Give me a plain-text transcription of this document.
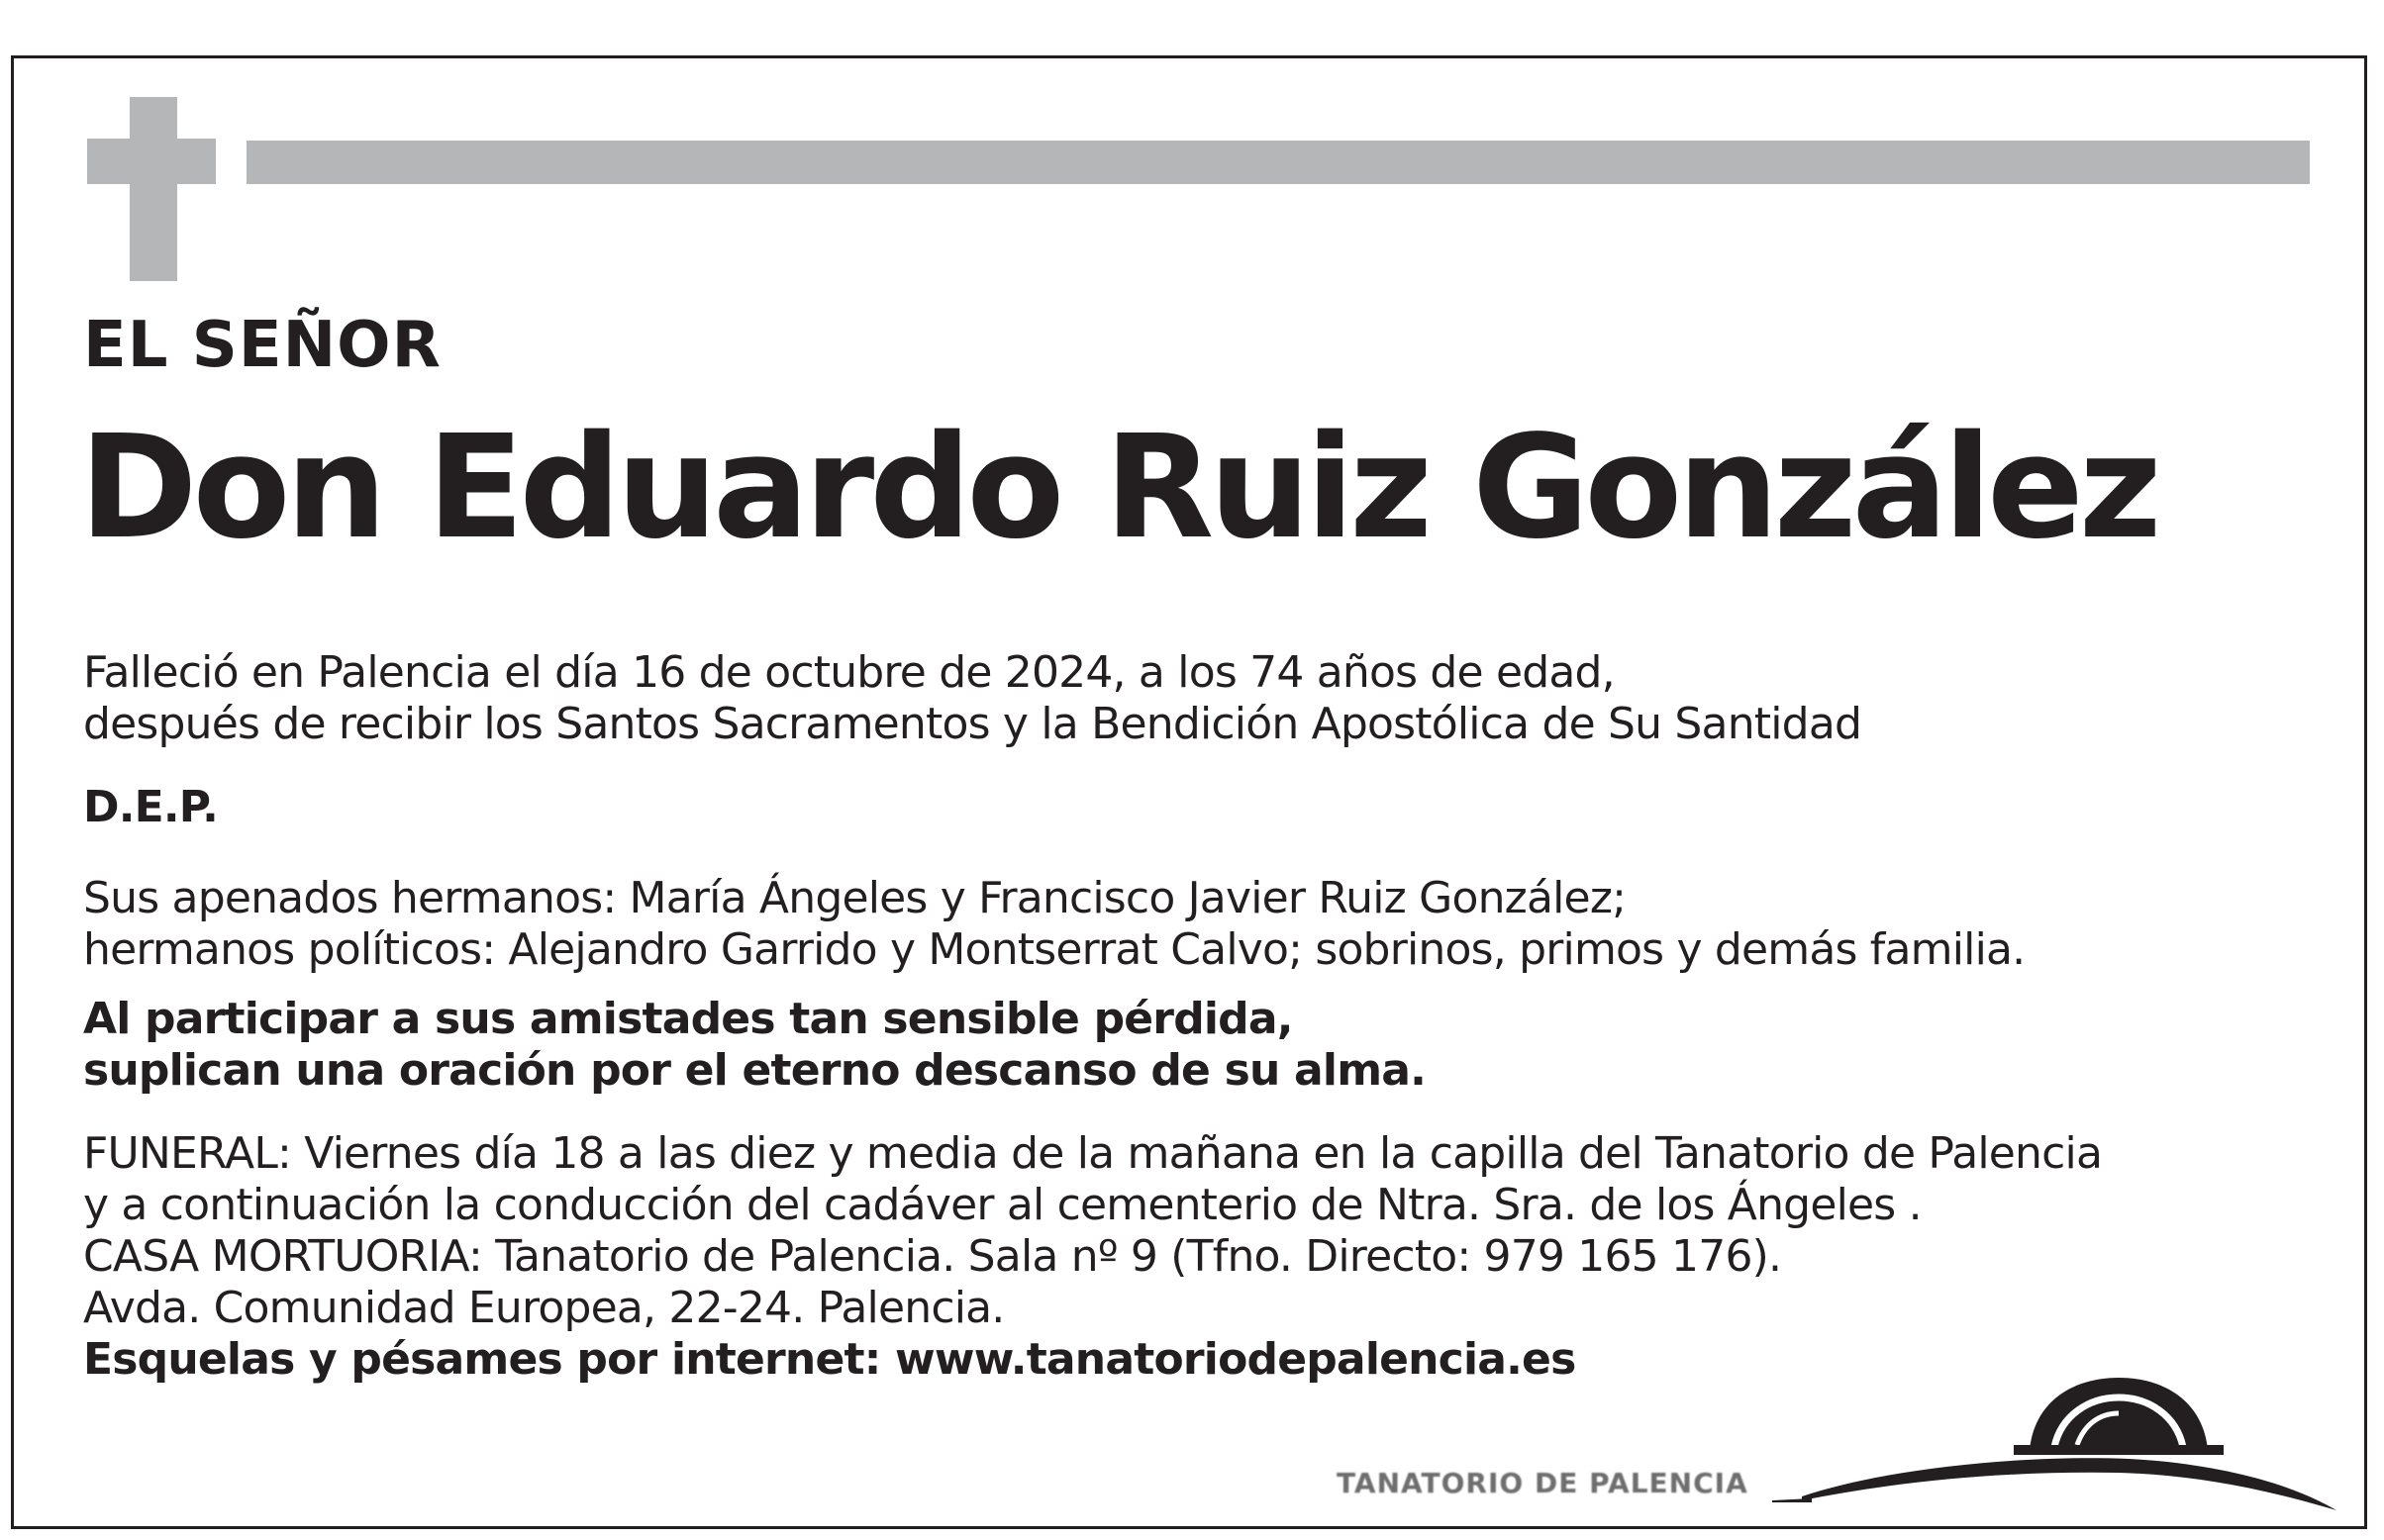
EL SEÑOR
Don Eduardo Ruiz González
Falleció en Palencia el día 16 de octubre de 2024, a los 74 años de edad,
después de recibir los Santos Sacramentos y la Bendición Apostólica de Su Santidad
D.E.P.
Sus apenados hermanos: María Ángeles y Francisco Javier Ruiz González;
hermanos políticos: Alejandro Garrido y Montserrat Calvo; sobrinos, primos y demás familia.
Al participar a sus amistades tan sensible pérdida,
suplican una oración por el eterno descanso de su alma.
FUNERAL: Viernes día 18 a las diez y media de la mañana en la capilla del Tanatorio de Palencia
y a continuación la conducción del cadáver al cementerio de Ntra. Sra. de los Ángeles .
CASA MORTUORIA: Tanatorio de Palencia. Sala nº 9 (Tfno. Directo: 979 165 176).
Avda. Comunidad Europea, 22-24. Palencia.
Esquelas y pésames por internet: www.tanatoriodepalencia.es
TANATORIO DE PALENCIA
